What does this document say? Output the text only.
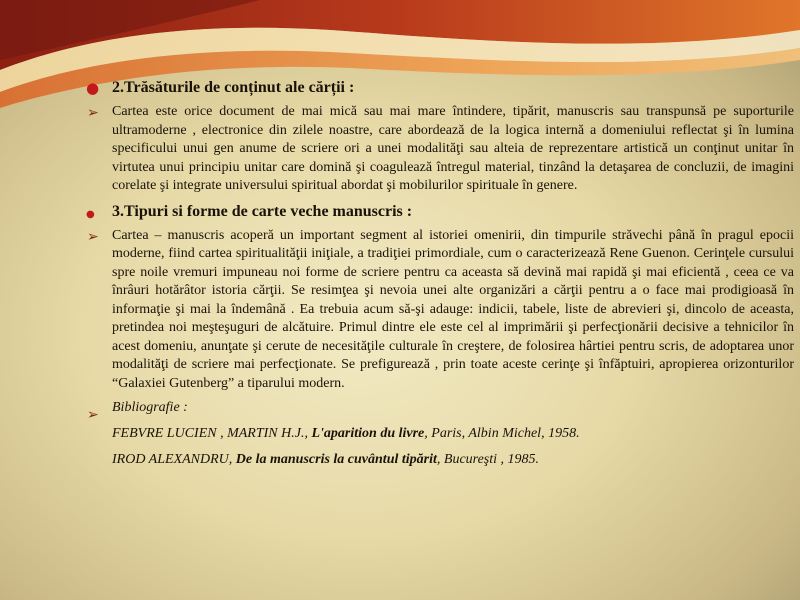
● 2.Trăsăturile de conținut ale cărții :

➢ Cartea este orice document de mai mică sau mai mare întindere, tipărit, manuscris sau transpunsă pe suporturile ultramoderne , electronice din zilele noastre, care abordează de la logica internă a domeniului reflectat şi în lumina specificului unui gen anume de scriere ori a unei modalităţi sau alteia de reprezentare artistică un conţinut unitar în virtutea unui principiu unitar care domină şi coagulează întregul material, tinzând la detaşarea de concluzii, de imagini corelate şi integrate universului spiritual abordat şi mobilurilor spirituale în genere.

● 3.Tipuri si forme de carte veche manuscris :

➢ Cartea – manuscris acoperă un important segment al istoriei omenirii, din timpurile străvechi până în pragul epocii moderne, fiind cartea spiritualităţii iniţiale, a tradiţiei primordiale, cum o caracterizează Rene Guenon. Cerinţele cursului spre noile vremuri impuneau noi forme de scriere pentru ca aceasta să devină mai rapidă şi mai eficientă , ceea ce va înrâuri hotărâtor istoria cărţii. Se resimţea şi nevoia unei alte organizări a cărţii pentru a o face mai prodigioasă în informaţie şi mai la îndemână . Ea trebuia acum să-şi adauge: indicii, tabele, liste de abrevieri şi, dincolo de aceasta, pretindea noi meşteşuguri de alcătuire. Primul dintre ele este cel al imprimării şi perfecţionării decisive a tehnicilor în acest domeniu, anunţate şi cerute de necesităţile culturale în creştere, de folosirea hârtiei pentru scris, de adoptarea unor modalităţi de scriere mai perfecţionate. Se prefigurează , prin toate aceste cerinţe şi înfăptuiri, apropierea orizonturilor “Galaxiei Gutenberg” a tiparului modern.

➢ Bibliografie :

FEBVRE LUCIEN , MARTIN H.J., L'aparition du livre, Paris, Albin Michel, 1958.

IROD ALEXANDRU, De la manuscris la cuvântul tipărit, Bucureşti , 1985.
